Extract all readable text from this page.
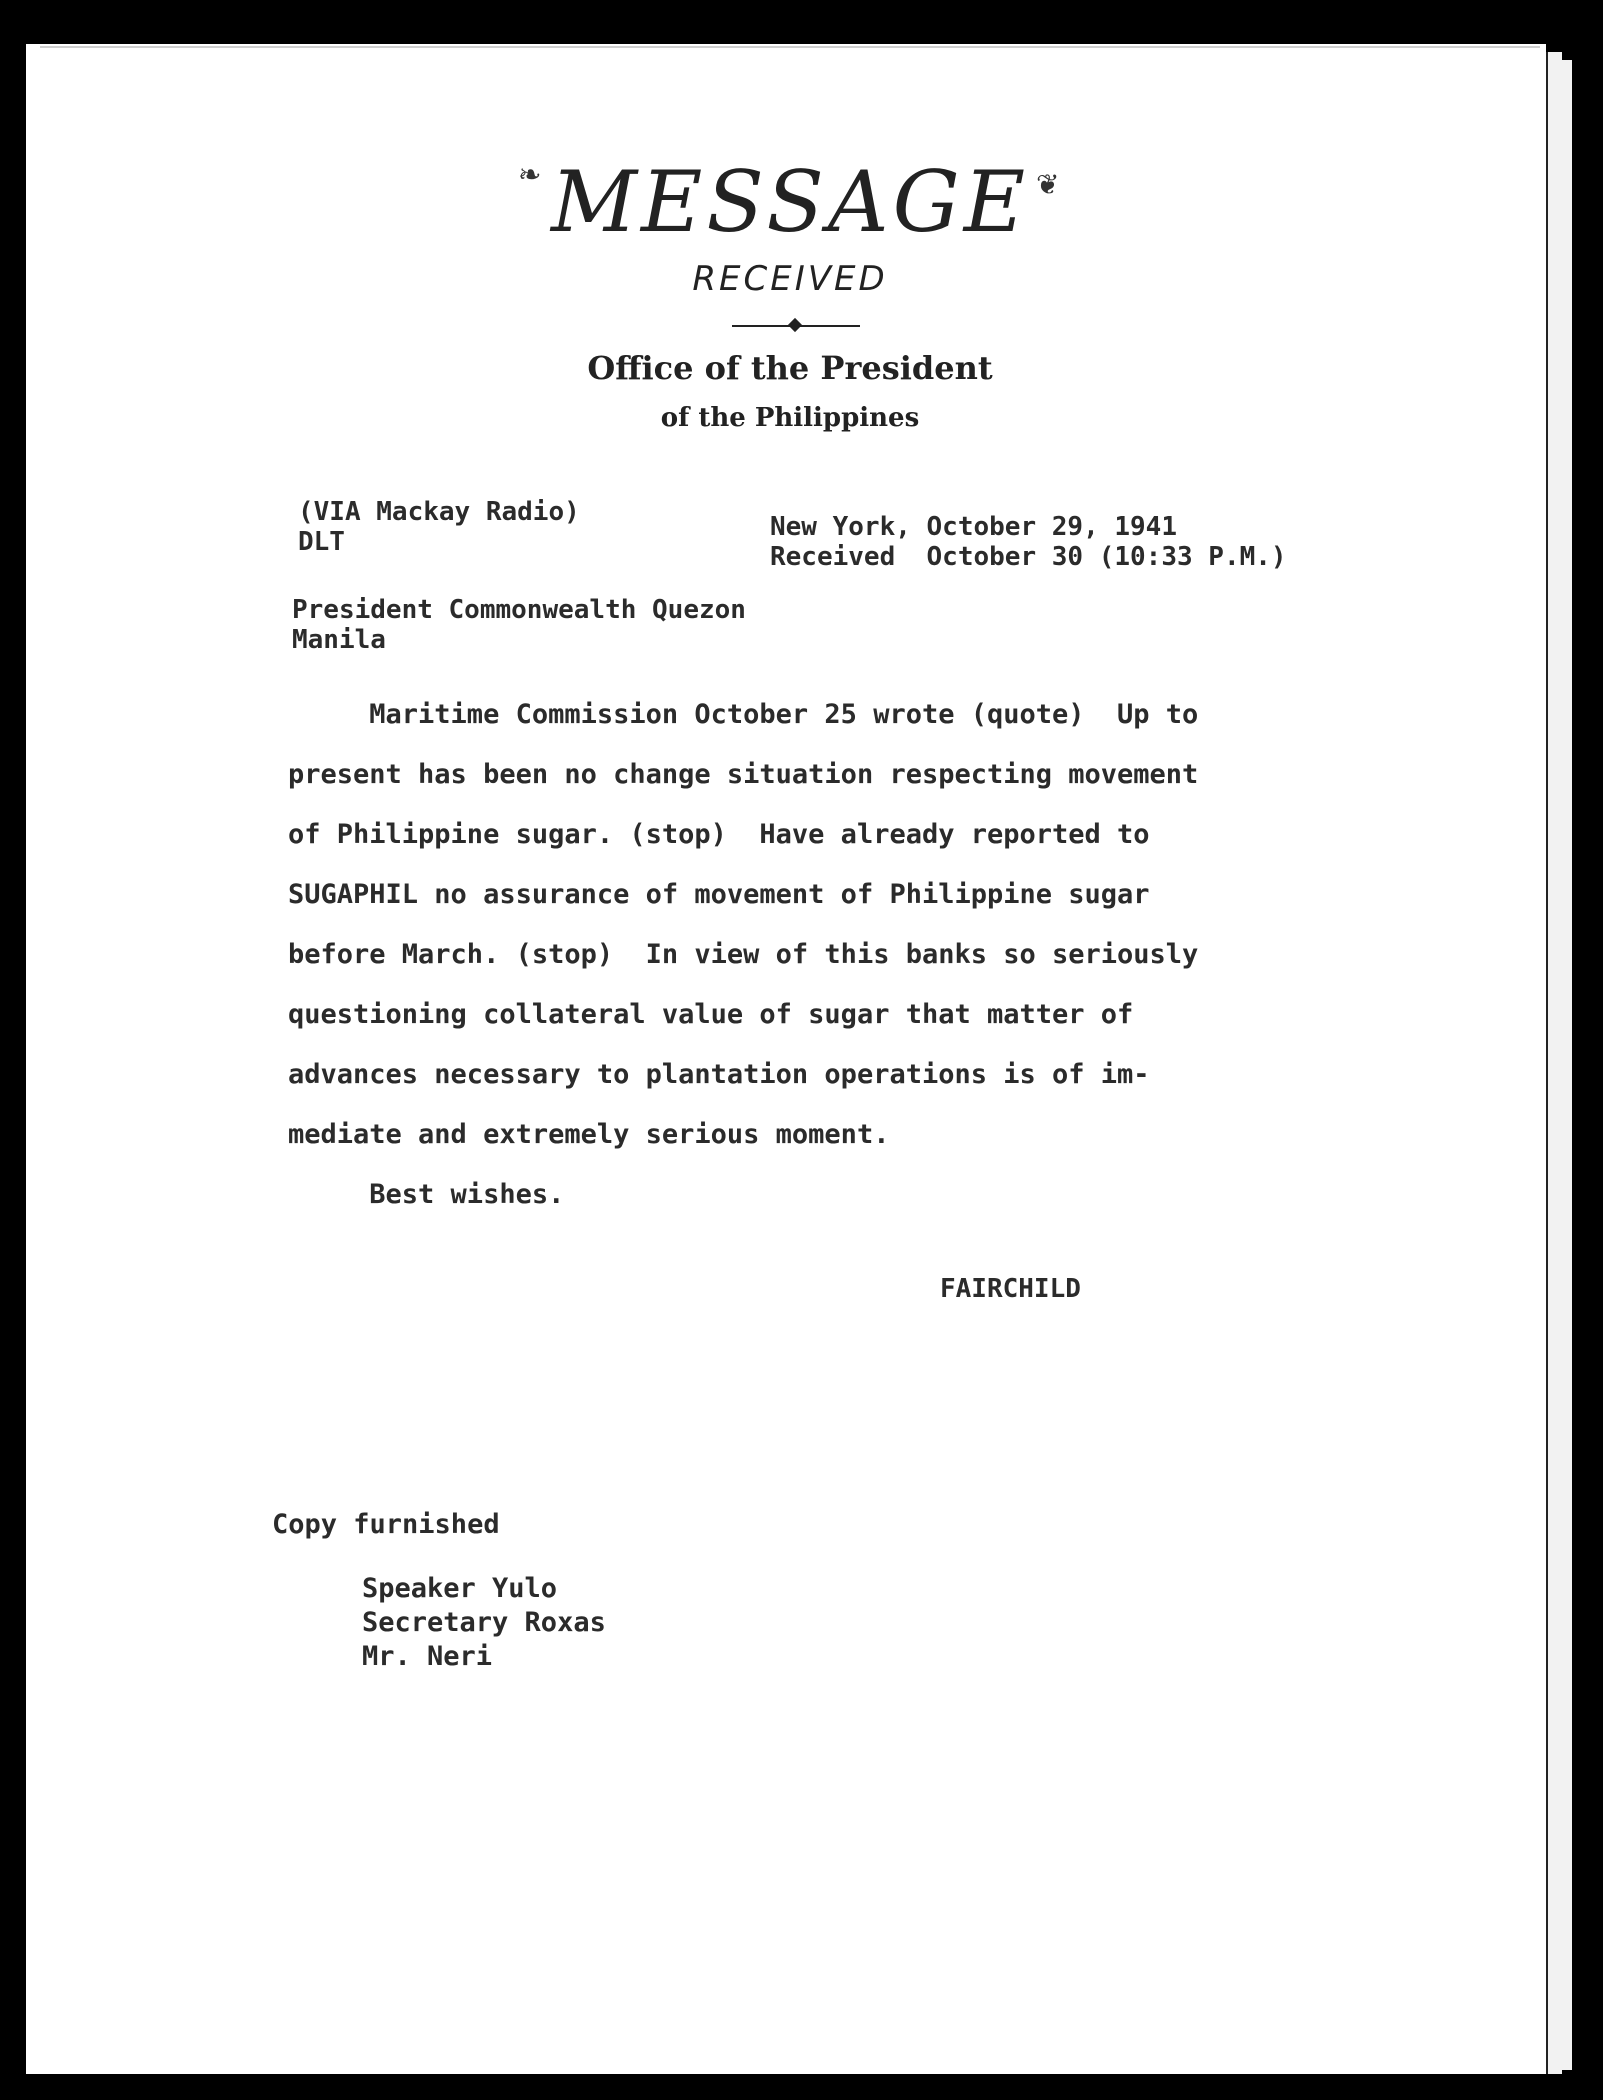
❧	❦
MESSAGE
RECEIVED
Office of the President
of the Philippines
(VIA Mackay Radio)
DLT	New York, October 29, 1941
Received  October 30 (10:33 P.M.)
President Commonwealth Quezon
Manila
Maritime Commission October 25 wrote (quote)  Up to
present has been no change situation respecting movement
of Philippine sugar. (stop)  Have already reported to
SUGAPHIL no assurance of movement of Philippine sugar
before March. (stop)  In view of this banks so seriously
questioning collateral value of sugar that matter of
advances necessary to plantation operations is of im-
mediate and extremely serious moment.
Best wishes.
FAIRCHILD
Copy furnished
Speaker Yulo
Secretary Roxas
Mr. Neri
